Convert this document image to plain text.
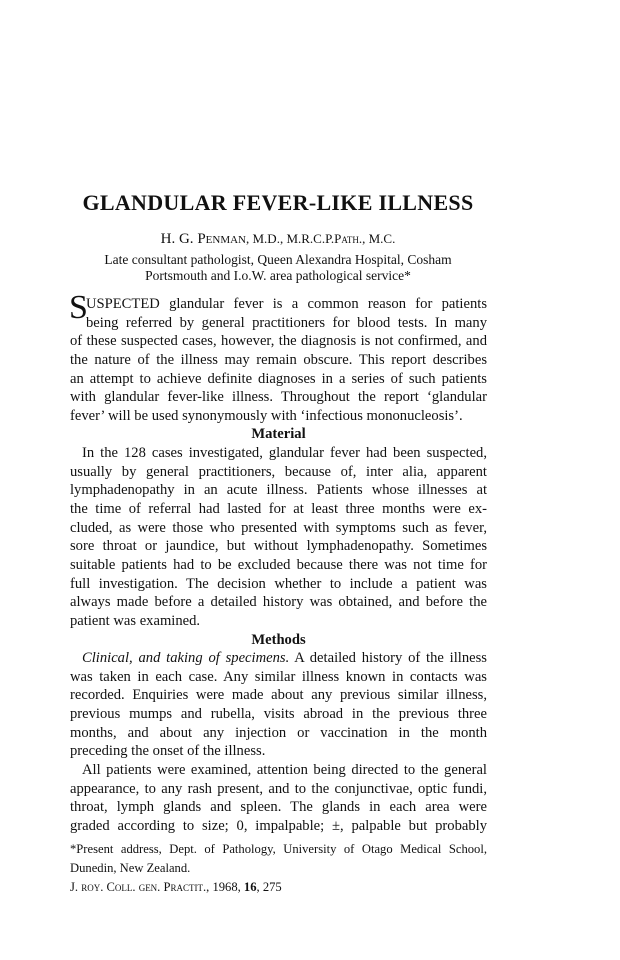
GLANDULAR FEVER-LIKE ILLNESS
H. G. Penman, M.D., M.R.C.P.Path., M.C.
Late consultant pathologist, Queen Alexandra Hospital, Cosham
Portsmouth and I.o.W. area pathological service*
S
USPECTED glandular fever is a common reason for patients
being referred by general practitioners for blood tests. In many
of these suspected cases, however, the diagnosis is not confirmed, and
the nature of the illness may remain obscure. This report describes
an attempt to achieve definite diagnoses in a series of such patients
with glandular fever-like illness. Throughout the report ‘glandular
fever’ will be used synonymously with ‘infectious mononucleosis’.
Material
In the 128 cases investigated, glandular fever had been suspected,
usually by general practitioners, because of, inter alia, apparent
lymphadenopathy in an acute illness. Patients whose illnesses at
the time of referral had lasted for at least three months were ex-
cluded, as were those who presented with symptoms such as fever,
sore throat or jaundice, but without lymphadenopathy. Sometimes
suitable patients had to be excluded because there was not time for
full investigation. The decision whether to include a patient was
always made before a detailed history was obtained, and before the
patient was examined.
Methods
Clinical, and taking of specimens. A detailed history of the illness
was taken in each case. Any similar illness known in contacts was
recorded. Enquiries were made about any previous similar illness,
previous mumps and rubella, visits abroad in the previous three
months, and about any injection or vaccination in the month
preceding the onset of the illness.
All patients were examined, attention being directed to the general
appearance, to any rash present, and to the conjunctivae, optic fundi,
throat, lymph glands and spleen. The glands in each area were
graded according to size; 0, impalpable; ±, palpable but probably
*Present address, Dept. of Pathology, University of Otago Medical School,
Dunedin, New Zealand.
J. roy. Coll. gen. Practit., 1968, 16, 275
